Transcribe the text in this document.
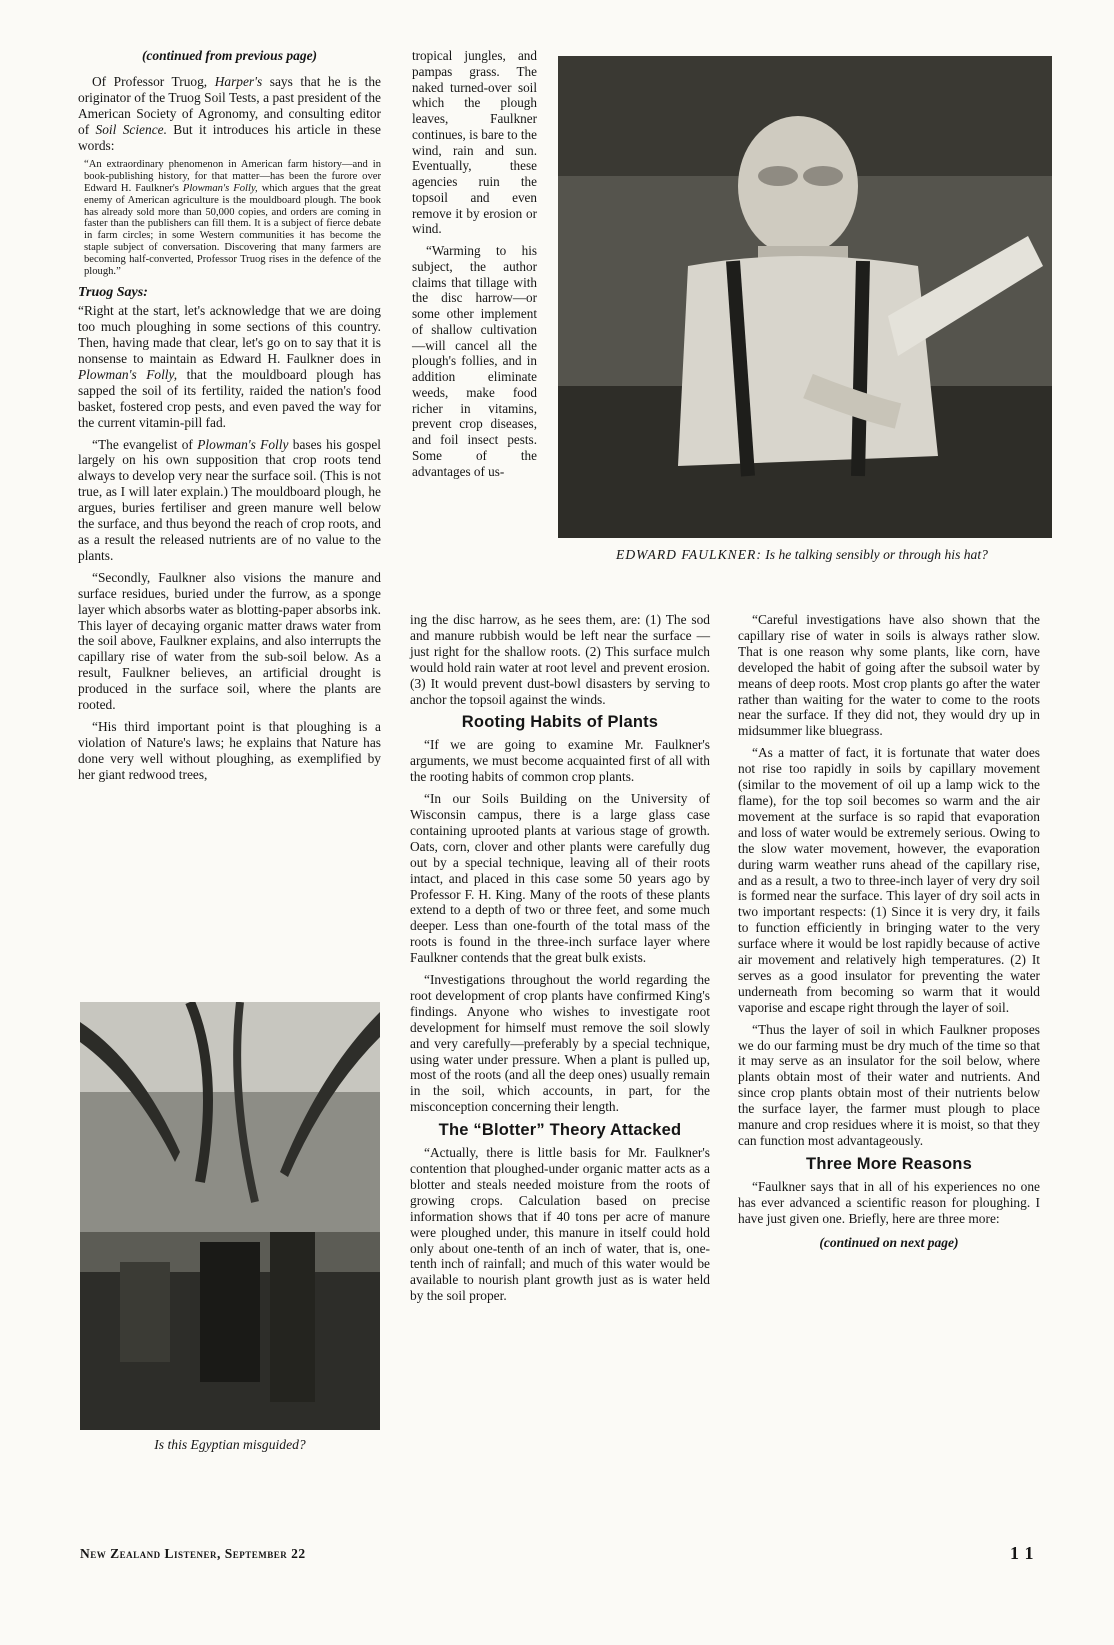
(continued from previous page)

Of Professor Truog, Harper's says that he is the originator of the Truog Soil Tests, a past president of the American Society of Agronomy, and consulting editor of Soil Science. But it introduces his article in these words:

“An extraordinary phenomenon in American farm history—and in book-publishing history, for that matter—has been the furore over Edward H. Faulkner's Plowman's Folly, which argues that the great enemy of American agriculture is the mouldboard plough. The book has already sold more than 50,000 copies, and orders are coming in faster than the publishers can fill them. It is a subject of fierce debate in farm circles; in some Western communities it has become the staple subject of conversation. Discovering that many farmers are becoming half-converted, Professor Truog rises in the defence of the plough.”
Truog Says:

“Right at the start, let's acknowledge that we are doing too much ploughing in some sections of this country. Then, having made that clear, let's go on to say that it is nonsense to maintain as Edward H. Faulkner does in Plowman's Folly, that the mouldboard plough has sapped the soil of its fertility, raided the nation's food basket, fostered crop pests, and even paved the way for the current vitamin-pill fad.

“The evangelist of Plowman's Folly bases his gospel largely on his own supposition that crop roots tend always to develop very near the surface soil. (This is not true, as I will later explain.) The mouldboard plough, he argues, buries fertiliser and green manure well below the surface, and thus beyond the reach of crop roots, and as a result the released nutrients are of no value to the plants.

“Secondly, Faulkner also visions the manure and surface residues, buried under the furrow, as a sponge layer which absorbs water as blotting-paper absorbs ink. This layer of decaying organic matter draws water from the soil above, Faulkner explains, and also interrupts the capillary rise of water from the sub-soil below. As a result, Faulkner believes, an artificial drought is produced in the surface soil, where the plants are rooted.

“His third important point is that ploughing is a violation of Nature's laws; he explains that Nature has done very well without ploughing, as exemplified by her giant redwood trees,

Is this Egyptian misguided?

tropical jungles, and pampas grass. The naked turned-over soil which the plough leaves, Faulkner continues, is bare to the wind, rain and sun. Eventually, these agencies ruin the topsoil and even remove it by erosion or wind.

“Warming to his subject, the author claims that tillage with the disc harrow—or some other implement of shallow cultivation—will cancel all the plough's follies, and in addition eliminate weeds, make food richer in vitamins, prevent crop diseases, and foil insect pests. Some of the advantages of us-

EDWARD FAULKNER: Is he talking sensibly or through his hat?

ing the disc harrow, as he sees them, are: (1) The sod and manure rubbish would be left near the surface — just right for the shallow roots. (2) This surface mulch would hold rain water at root level and prevent erosion. (3) It would prevent dust-bowl disasters by serving to anchor the topsoil against the winds.

Rooting Habits of Plants

“If we are going to examine Mr. Faulkner's arguments, we must become acquainted first of all with the rooting habits of common crop plants.

“In our Soils Building on the University of Wisconsin campus, there is a large glass case containing uprooted plants at various stage of growth. Oats, corn, clover and other plants were carefully dug out by a special technique, leaving all of their roots intact, and placed in this case some 50 years ago by Professor F. H. King. Many of the roots of these plants extend to a depth of two or three feet, and some much deeper. Less than one-fourth of the total mass of the roots is found in the three-inch surface layer where Faulkner contends that the great bulk exists.

“Investigations throughout the world regarding the root development of crop plants have confirmed King's findings. Anyone who wishes to investigate root development for himself must remove the soil slowly and very carefully—preferably by a special technique, using water under pressure. When a plant is pulled up, most of the roots (and all the deep ones) usually remain in the soil, which accounts, in part, for the misconception concerning their length.

The “Blotter” Theory Attacked

“Actually, there is little basis for Mr. Faulkner's contention that ploughed-under organic matter acts as a blotter and steals needed moisture from the roots of growing crops. Calculation based on precise information shows that if 40 tons per acre of manure were ploughed under, this manure in itself could hold only about one-tenth of an inch of water, that is, one-tenth inch of rainfall; and much of this water would be available to nourish plant growth just as is water held by the soil proper.

“Careful investigations have also shown that the capillary rise of water in soils is always rather slow. That is one reason why some plants, like corn, have developed the habit of going after the subsoil water by means of deep roots. Most crop plants go after the water rather than waiting for the water to come to the roots near the surface. If they did not, they would dry up in midsummer like bluegrass.

“As a matter of fact, it is fortunate that water does not rise too rapidly in soils by capillary movement (similar to the movement of oil up a lamp wick to the flame), for the top soil becomes so warm and the air movement at the surface is so rapid that evaporation and loss of water would be extremely serious. Owing to the slow water movement, however, the evaporation during warm weather runs ahead of the capillary rise, and as a result, a two to three-inch layer of very dry soil is formed near the surface. This layer of dry soil acts in two important respects: (1) Since it is very dry, it fails to function efficiently in bringing water to the very surface where it would be lost rapidly because of active air movement and relatively high temperatures. (2) It serves as a good insulator for preventing the water underneath from becoming so warm that it would vaporise and escape right through the layer of soil.

“Thus the layer of soil in which Faulkner proposes we do our farming must be dry much of the time so that it may serve as an insulator for the soil below, where plants obtain most of their water and nutrients. And since crop plants obtain most of their nutrients below the surface layer, the farmer must plough to place manure and crop residues where it is moist, so that they can function most advantageously.

Three More Reasons

“Faulkner says that in all of his experiences no one has ever advanced a scientific reason for ploughing. I have just given one. Briefly, here are three more:

(continued on next page)
New Zealand Listener, September 22	1 1
